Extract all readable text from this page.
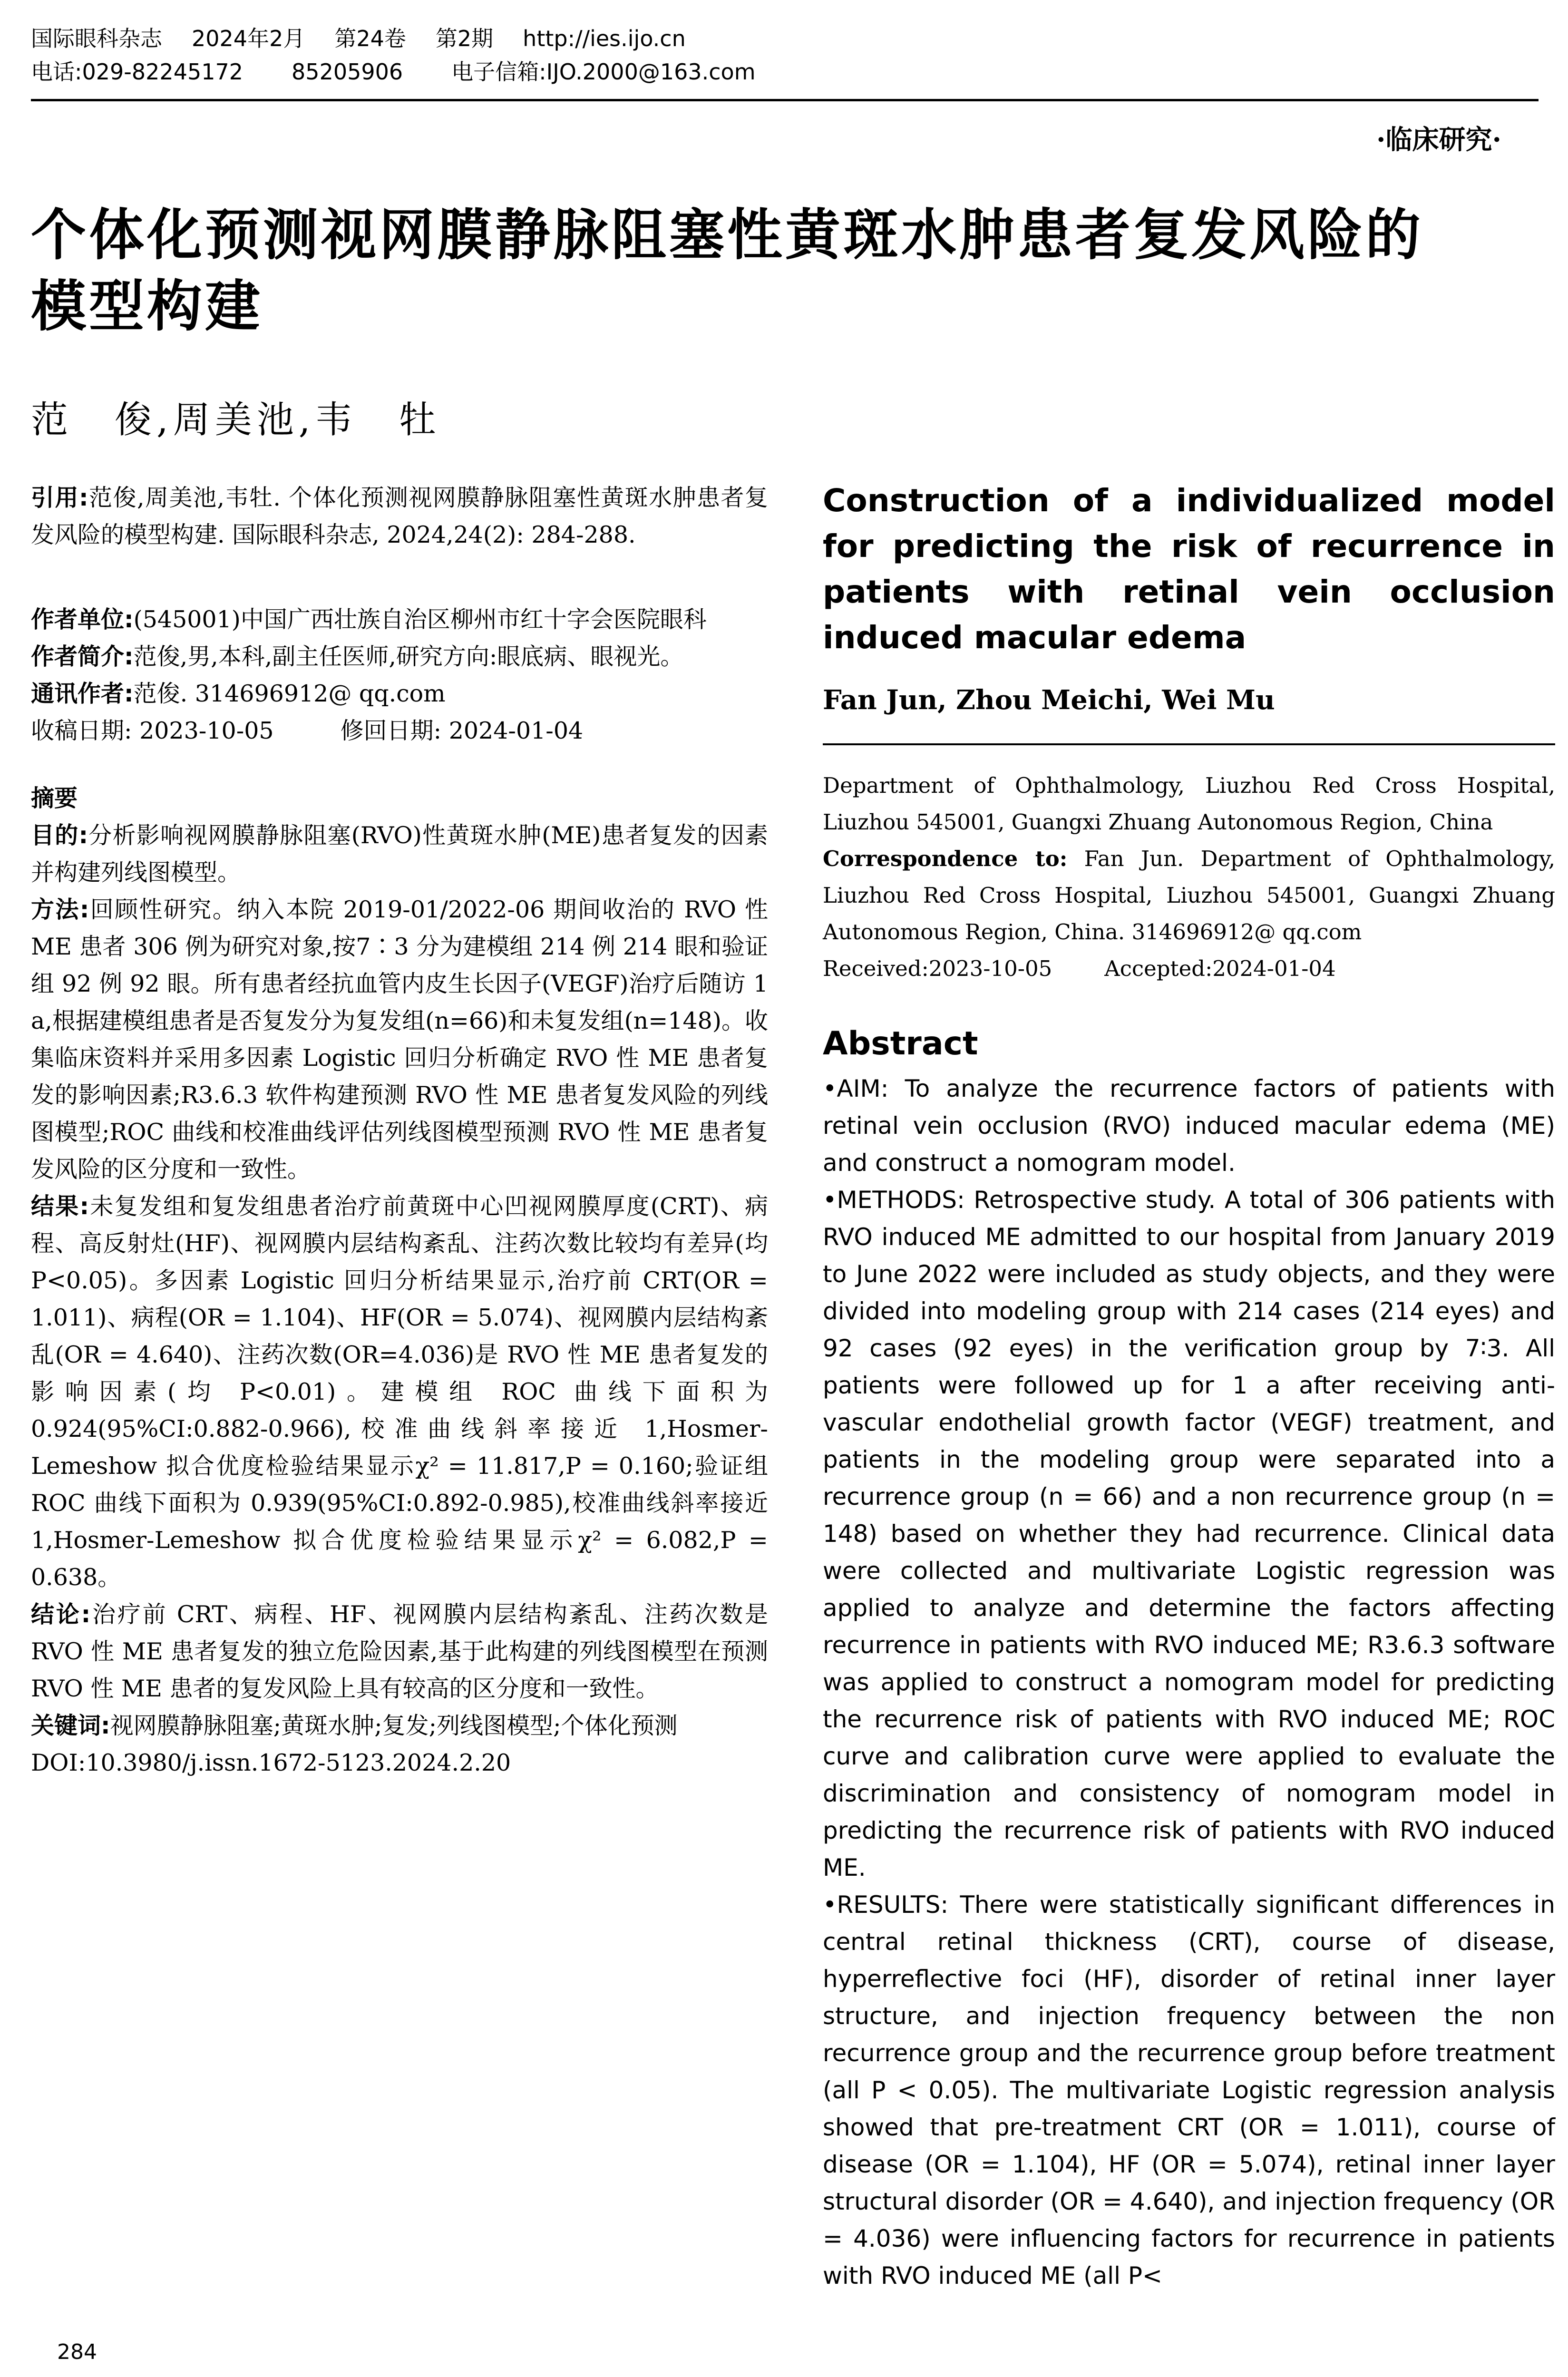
国际眼科杂志 2024年2月 第24卷 第2期 http://ies.ijo.cn
电话:029-82245172 85205906 电子信箱:IJO.2000@163.com
·临床研究·
个体化预测视网膜静脉阻塞性黄斑水肿患者复发风险的
模型构建
范　俊,周美池,韦　牡

引用:范俊,周美池,韦牡. 个体化预测视网膜静脉阻塞性黄斑水肿患者复发风险的模型构建. 国际眼科杂志, 2024,24(2): 284-288.

作者单位:(545001)中国广西壮族自治区柳州市红十字会医院眼科

作者简介:范俊,男,本科,副主任医师,研究方向:眼底病、眼视光。

通讯作者:范俊. 314696912@ qq.com

收稿日期: 2023-10-05	修回日期: 2024-01-04

摘要

目的:分析影响视网膜静脉阻塞(RVO)性黄斑水肿(ME)患者复发的因素并构建列线图模型。

方法:回顾性研究。纳入本院 2019-01/2022-06 期间收治的 RVO 性 ME 患者 306 例为研究对象,按7∶3 分为建模组 214 例 214 眼和验证组 92 例 92 眼。所有患者经抗血管内皮生长因子(VEGF)治疗后随访 1 a,根据建模组患者是否复发分为复发组(n=66)和未复发组(n=148)。收集临床资料并采用多因素 Logistic 回归分析确定 RVO 性 ME 患者复发的影响因素;R3.6.3 软件构建预测 RVO 性 ME 患者复发风险的列线图模型;ROC 曲线和校准曲线评估列线图模型预测 RVO 性 ME 患者复发风险的区分度和一致性。

结果:未复发组和复发组患者治疗前黄斑中心凹视网膜厚度(CRT)、病程、高反射灶(HF)、视网膜内层结构紊乱、注药次数比较均有差异(均 P<0.05)。多因素 Logistic 回归分析结果显示,治疗前 CRT(OR = 1.011)、病程(OR = 1.104)、HF(OR = 5.074)、视网膜内层结构紊乱(OR = 4.640)、注药次数(OR=4.036)是 RVO 性 ME 患者复发的影响因素(均 P<0.01)。建模组 ROC 曲线下面积为0.924(95%CI:0.882-0.966),校准曲线斜率接近 1,Hosmer-Lemeshow 拟合优度检验结果显示χ² = 11.817,P = 0.160;验证组 ROC 曲线下面积为 0.939(95%CI:0.892-0.985),校准曲线斜率接近 1,Hosmer-Lemeshow 拟合优度检验结果显示χ² = 6.082,P = 0.638。

结论:治疗前 CRT、病程、HF、视网膜内层结构紊乱、注药次数是 RVO 性 ME 患者复发的独立危险因素,基于此构建的列线图模型在预测 RVO 性 ME 患者的复发风险上具有较高的区分度和一致性。

关键词:视网膜静脉阻塞;黄斑水肿;复发;列线图模型;个体化预测

DOI:10.3980/j.issn.1672-5123.2024.2.20

Construction of a individualized model for predicting the risk of recurrence in patients with retinal vein occlusion induced macular edema
Fan Jun, Zhou Meichi, Wei Mu

Department of Ophthalmology, Liuzhou Red Cross Hospital, Liuzhou 545001, Guangxi Zhuang Autonomous Region, China

Correspondence to: Fan Jun. Department of Ophthalmology, Liuzhou Red Cross Hospital, Liuzhou 545001, Guangxi Zhuang Autonomous Region, China. 314696912@ qq.com

Received:2023-10-05 Accepted:2024-01-04

Abstract

•AIM: To analyze the recurrence factors of patients with retinal vein occlusion (RVO) induced macular edema (ME) and construct a nomogram model.

•METHODS: Retrospective study. A total of 306 patients with RVO induced ME admitted to our hospital from January 2019 to June 2022 were included as study objects, and they were divided into modeling group with 214 cases (214 eyes) and 92 cases (92 eyes) in the verification group by 7∶3. All patients were followed up for 1 a after receiving anti-vascular endothelial growth factor (VEGF) treatment, and patients in the modeling group were separated into a recurrence group (n = 66) and a non recurrence group (n = 148) based on whether they had recurrence. Clinical data were collected and multivariate Logistic regression was applied to analyze and determine the factors affecting recurrence in patients with RVO induced ME; R3.6.3 software was applied to construct a nomogram model for predicting the recurrence risk of patients with RVO induced ME; ROC curve and calibration curve were applied to evaluate the discrimination and consistency of nomogram model in predicting the recurrence risk of patients with RVO induced ME.

•RESULTS: There were statistically significant differences in central retinal thickness (CRT), course of disease, hyperreflective foci (HF), disorder of retinal inner layer structure, and injection frequency between the non recurrence group and the recurrence group before treatment (all P < 0.05). The multivariate Logistic regression analysis showed that pre-treatment CRT (OR = 1.011), course of disease (OR = 1.104), HF (OR = 5.074), retinal inner layer structural disorder (OR = 4.640), and injection frequency (OR = 4.036) were influencing factors for recurrence in patients with RVO induced ME (all P<

284
